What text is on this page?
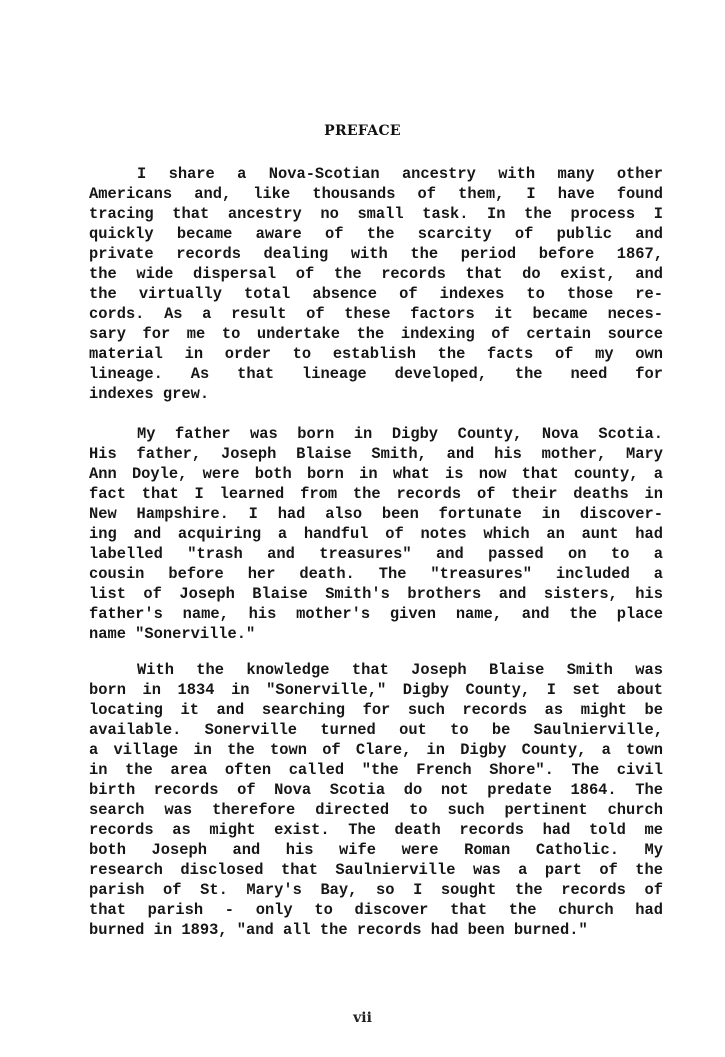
PREFACE
I share a Nova-Scotian ancestry with many other
Americans and, like thousands of them, I have found
tracing that ancestry no small task. In the process I
quickly became aware of the scarcity of public and
private records dealing with the period before 1867,
the wide dispersal of the records that do exist, and
the virtually total absence of indexes to those re-
cords. As a result of these factors it became neces-
sary for me to undertake the indexing of certain source
material in order to establish the facts of my own
lineage. As that lineage developed, the need for
indexes grew.
My father was born in Digby County, Nova Scotia.
His father, Joseph Blaise Smith, and his mother, Mary
Ann Doyle, were both born in what is now that county, a
fact that I learned from the records of their deaths in
New Hampshire. I had also been fortunate in discover-
ing and acquiring a handful of notes which an aunt had
labelled "trash and treasures" and passed on to a
cousin before her death. The "treasures" included a
list of Joseph Blaise Smith's brothers and sisters, his
father's name, his mother's given name, and the place
name "Sonerville."
With the knowledge that Joseph Blaise Smith was
born in 1834 in "Sonerville," Digby County, I set about
locating it and searching for such records as might be
available. Sonerville turned out to be Saulnierville,
a village in the town of Clare, in Digby County, a town
in the area often called "the French Shore". The civil
birth records of Nova Scotia do not predate 1864. The
search was therefore directed to such pertinent church
records as might exist. The death records had told me
both Joseph and his wife were Roman Catholic. My
research disclosed that Saulnierville was a part of the
parish of St. Mary's Bay, so I sought the records of
that parish - only to discover that the church had
burned in 1893, "and all the records had been burned."
vii
